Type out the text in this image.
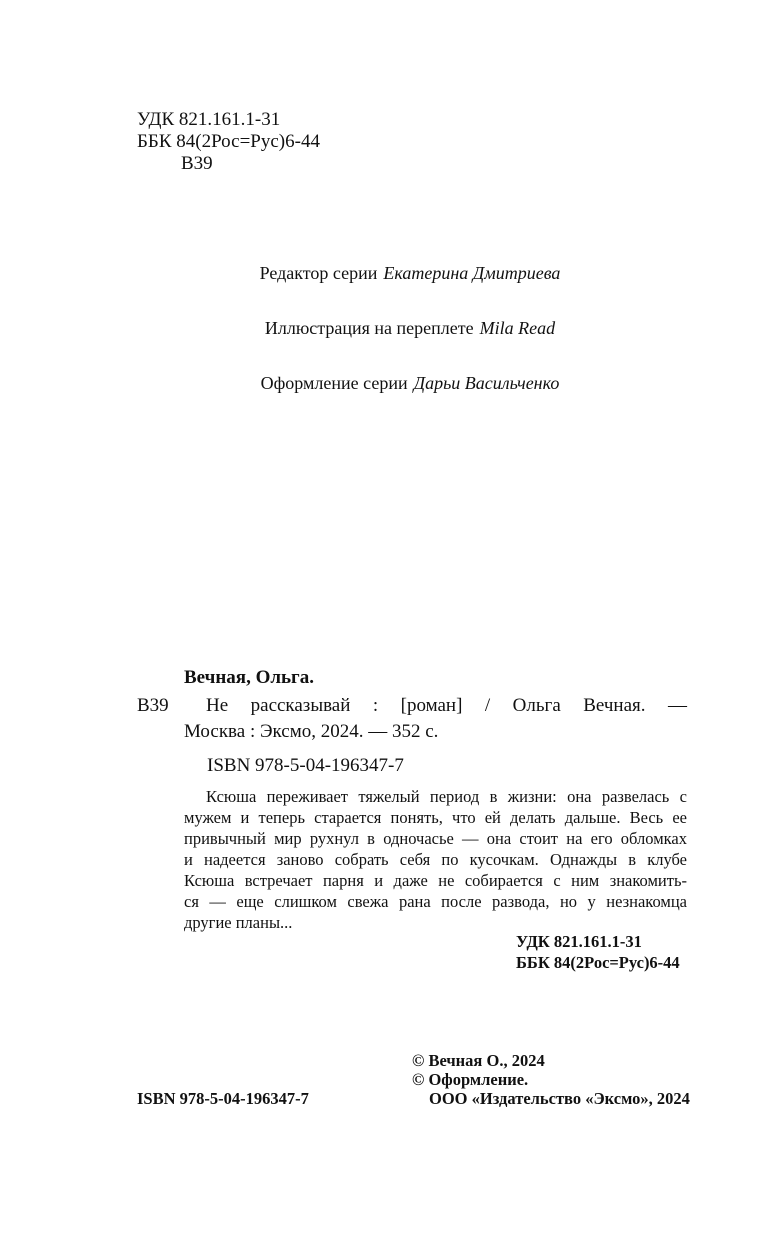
УДК 821.161.1-31
ББК 84(2Рос=Рус)6-44
В39
Редактор серии Екатерина Дмитриева
Иллюстрация на переплете Mila Read
Оформление серии Дарьи Васильченко
Вечная, Ольга.
В39 Не рассказывай : [роман] / Ольга Вечная. —
Москва : Эксмо, 2024. — 352 с.
ISBN 978-5-04-196347-7
Ксюша переживает тяжелый период в жизни: она развелась с
мужем и теперь старается понять, что ей делать дальше. Весь ее
привычный мир рухнул в одночасье — она стоит на его обломках
и надеется заново собрать себя по кусочкам. Однажды в клубе
Ксюша встречает парня и даже не собирается с ним знакомить-
ся — еще слишком свежа рана после развода, но у незнакомца
другие планы...
УДК 821.161.1-31
ББК 84(2Рос=Рус)6-44
ISBN 978-5-04-196347-7
© Вечная О., 2024
© Оформление.
ООО «Издательство «Эксмо», 2024
